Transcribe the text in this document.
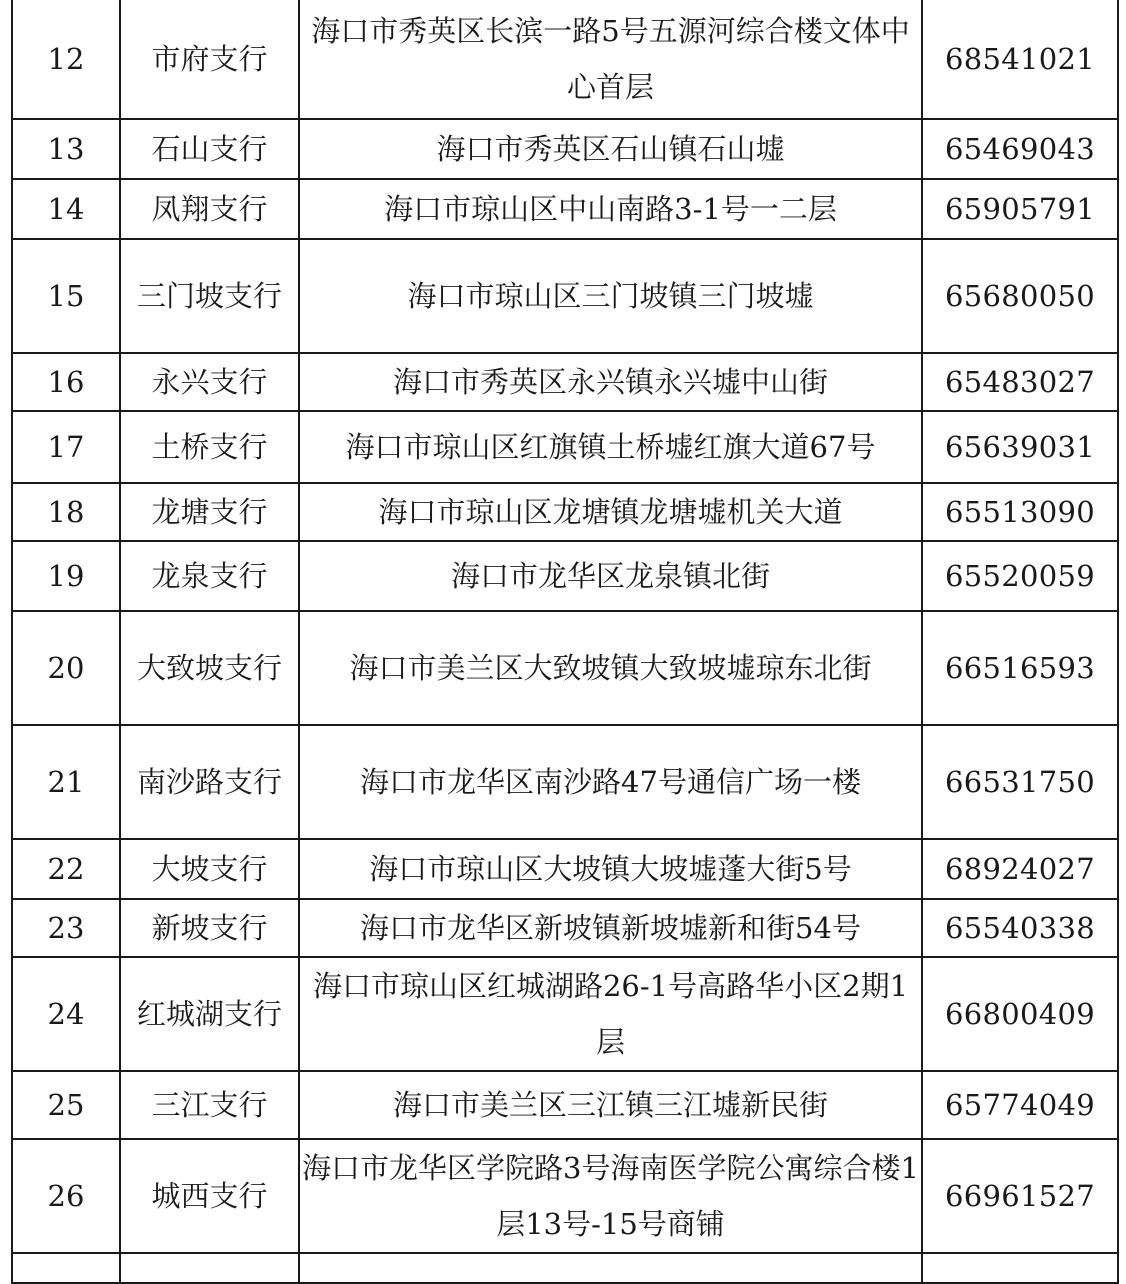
12	市府支行	海口市秀英区长滨一路5号五源河综合楼文体中心首层	68541021
13	石山支行	海口市秀英区石山镇石山墟	65469043
14	凤翔支行	海口市琼山区中山南路3-1号一二层	65905791
15	三门坡支行	海口市琼山区三门坡镇三门坡墟	65680050
16	永兴支行	海口市秀英区永兴镇永兴墟中山街	65483027
17	土桥支行	海口市琼山区红旗镇土桥墟红旗大道67号	65639031
18	龙塘支行	海口市琼山区龙塘镇龙塘墟机关大道	65513090
19	龙泉支行	海口市龙华区龙泉镇北街	65520059
20	大致坡支行	海口市美兰区大致坡镇大致坡墟琼东北街	66516593
21	南沙路支行	海口市龙华区南沙路47号通信广场一楼	66531750
22	大坡支行	海口市琼山区大坡镇大坡墟蓬大街5号	68924027
23	新坡支行	海口市龙华区新坡镇新坡墟新和街54号	65540338
24	红城湖支行	海口市琼山区红城湖路26-1号高路华小区2期1层	66800409
25	三江支行	海口市美兰区三江镇三江墟新民街	65774049
26	城西支行	海口市龙华区学院路3号海南医学院公寓综合楼1层13号-15号商铺	66961527
